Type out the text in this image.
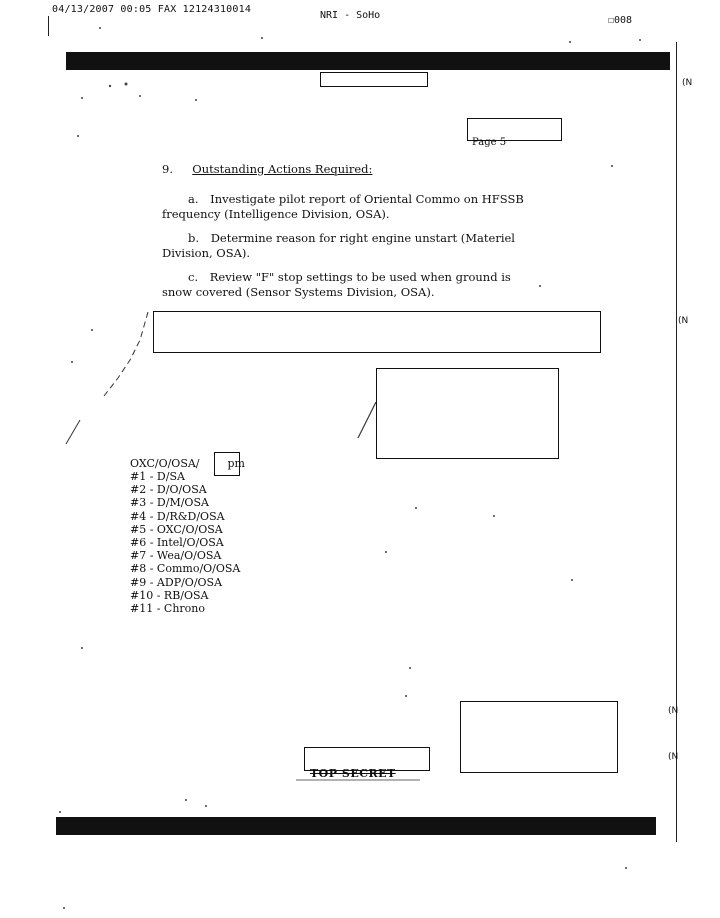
04/13/2007 00:05 FAX 12124310014
NRI - SoHo	☐008
Page 5
9. Outstanding Actions Required:
a. Investigate pilot report of Oriental Commo on HFSSB frequency (Intelligence Division, OSA).
b. Determine reason for right engine unstart (Materiel Division, OSA).
c. Review "F" stop settings to be used when ground is snow covered (Sensor Systems Division, OSA).
OXC/O/OSA/	pm
#1 - D/SA
#2 - D/O/OSA
#3 - D/M/OSA
#4 - D/R&D/OSA
#5 - OXC/O/OSA
#6 - Intel/O/OSA
#7 - Wea/O/OSA
#8 - Commo/O/OSA
#9 - ADP/O/OSA
#10 - RB/OSA
#11 - Chrono
TOP SECRET
(N
(N
(N
(N
